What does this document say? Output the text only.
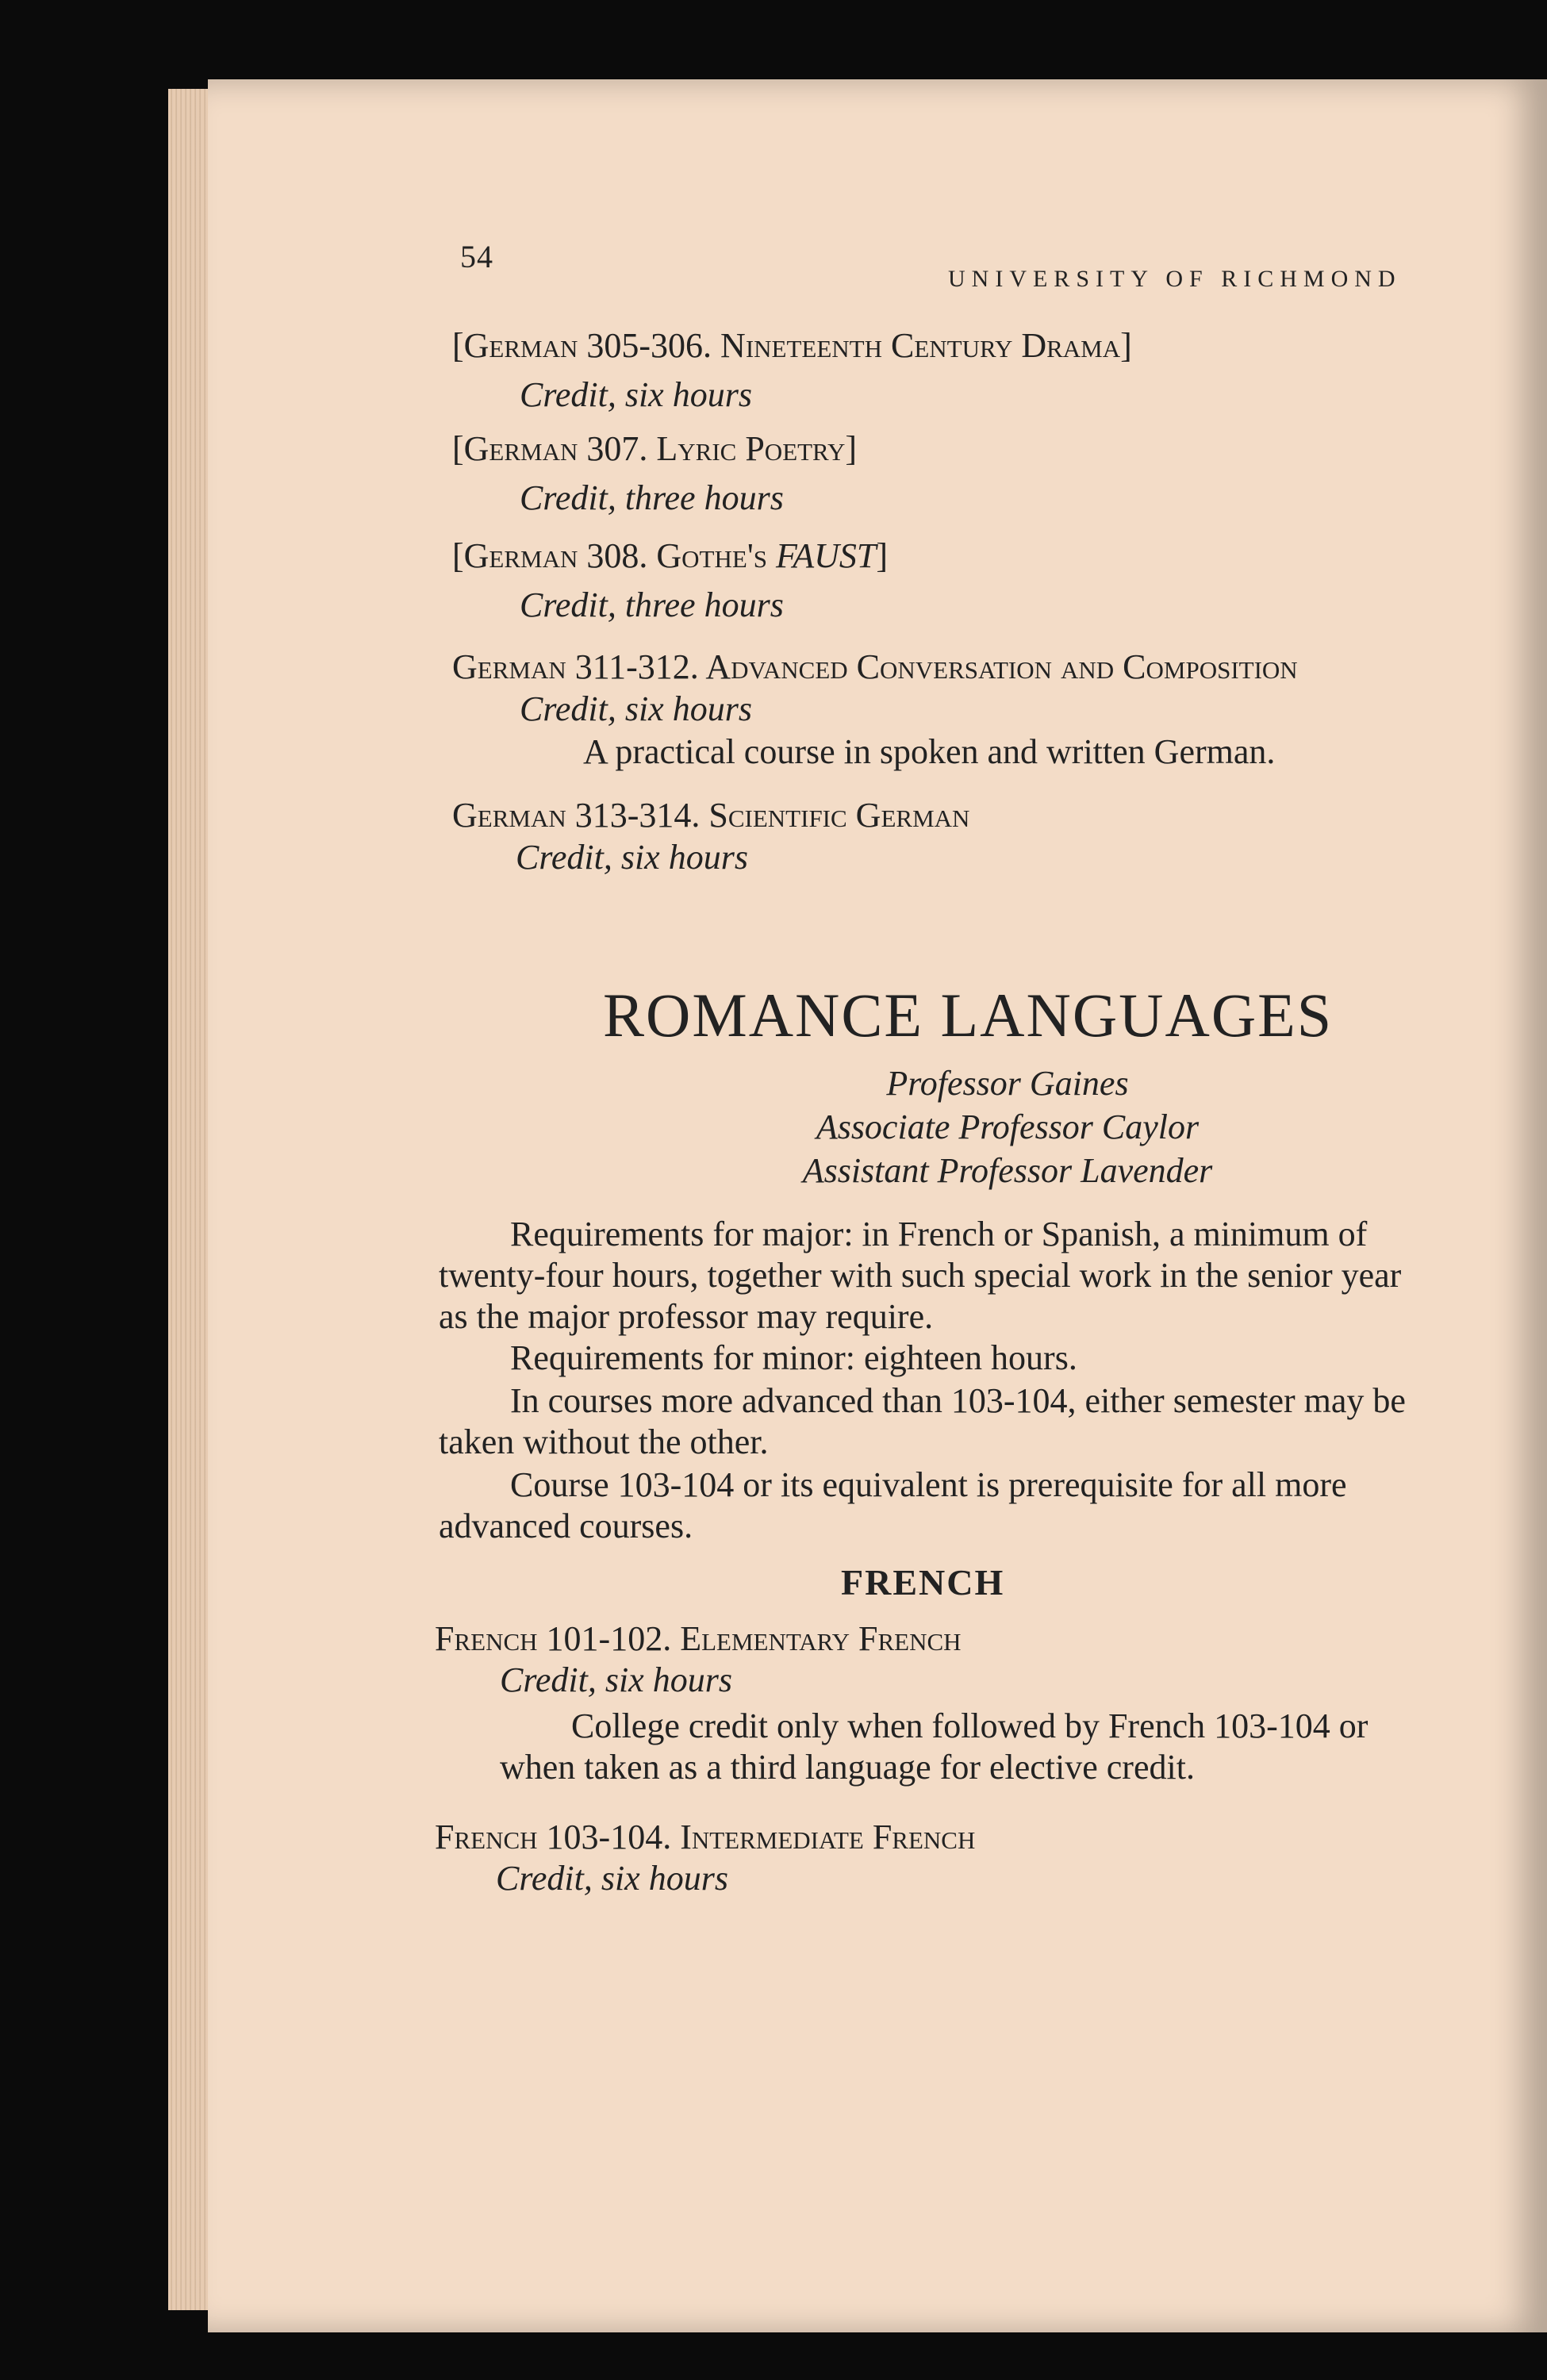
54
UNIVERSITY OF RICHMOND
[German 305-306. Nineteenth Century Drama]
Credit, six hours
[German 307. Lyric Poetry]
Credit, three hours
[German 308. Gothe's FAUST]
Credit, three hours
German 311-312. Advanced Conversation and Composition
Credit, six hours
A practical course in spoken and written German.
German 313-314. Scientific German
Credit, six hours
ROMANCE LANGUAGES
Professor Gaines
Associate Professor Caylor
Assistant Professor Lavender
Requirements for major: in French or Spanish, a minimum of twenty-four hours, together with such special work in the senior year as the major professor may require.
Requirements for minor: eighteen hours.
In courses more advanced than 103-104, either semester may be taken without the other.
Course 103-104 or its equivalent is prerequisite for all more advanced courses.
FRENCH
French 101-102. Elementary French
Credit, six hours
College credit only when followed by French 103-104 or when taken as a third language for elective credit.
French 103-104. Intermediate French
Credit, six hours
